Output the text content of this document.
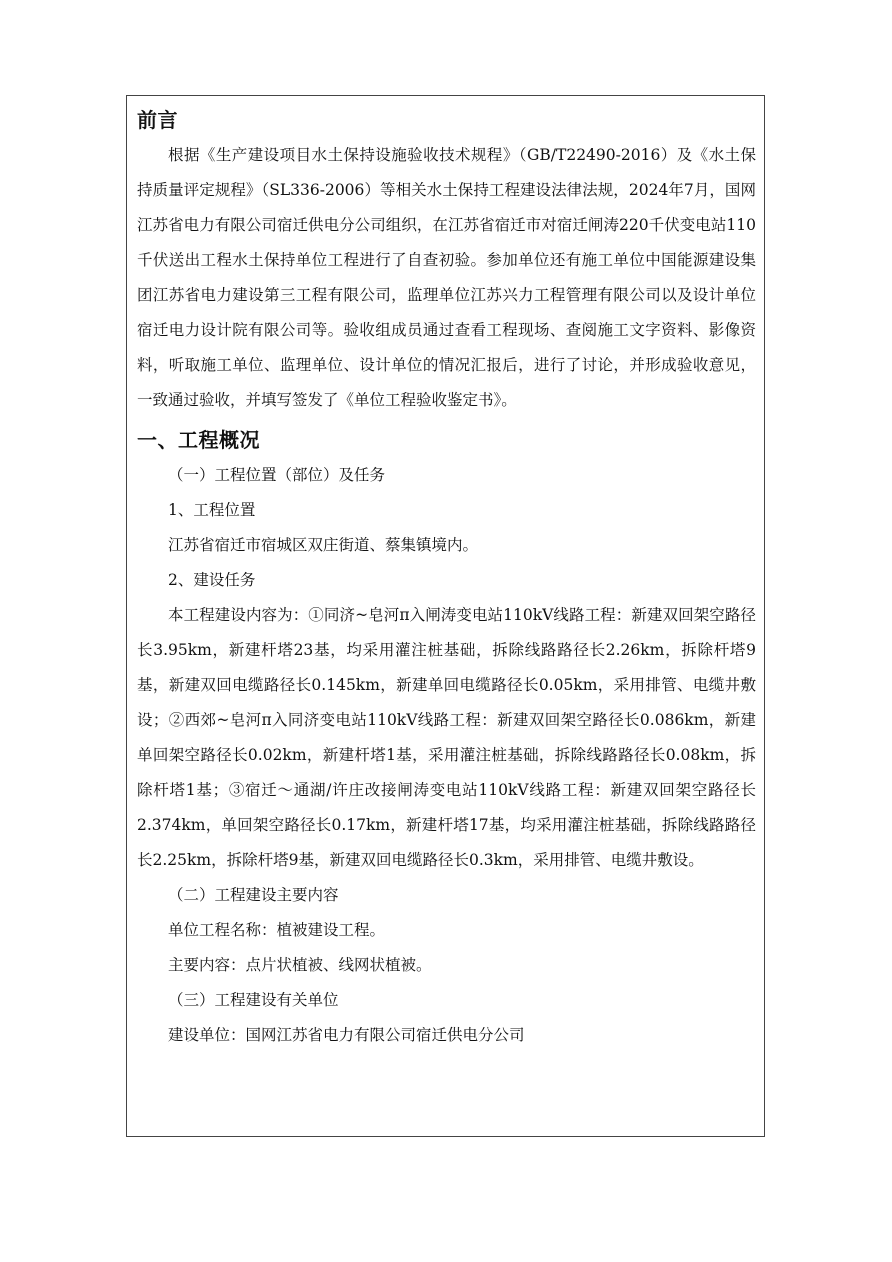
前言

根据《生产建设项目水土保持设施验收技术规程》（GB/T22490-2016）及《水土保持质量评定规程》（SL336-2006）等相关水土保持工程建设法律法规，2024年7月，国网江苏省电力有限公司宿迁供电分公司组织，在江苏省宿迁市对宿迁闸涛220千伏变电站110千伏送出工程水土保持单位工程进行了自查初验。参加单位还有施工单位中国能源建设集团江苏省电力建设第三工程有限公司，监理单位江苏兴力工程管理有限公司以及设计单位宿迁电力设计院有限公司等。验收组成员通过查看工程现场、查阅施工文字资料、影像资料，听取施工单位、监理单位、设计单位的情况汇报后，进行了讨论，并形成验收意见，一致通过验收，并填写签发了《单位工程验收鉴定书》。

一、工程概况

（一）工程位置（部位）及任务

1、工程位置

江苏省宿迁市宿城区双庄街道、蔡集镇境内。

2、建设任务

本工程建设内容为：①同济~皂河π入闸涛变电站110kV线路工程：新建双回架空路径长3.95km，新建杆塔23基，均采用灌注桩基础，拆除线路路径长2.26km，拆除杆塔9基，新建双回电缆路径长0.145km，新建单回电缆路径长0.05km，采用排管、电缆井敷设；②西郊~皂河π入同济变电站110kV线路工程：新建双回架空路径长0.086km，新建单回架空路径长0.02km，新建杆塔1基，采用灌注桩基础，拆除线路路径长0.08km，拆除杆塔1基；③宿迁～通湖/许庄改接闸涛变电站110kV线路工程：新建双回架空路径长2.374km，单回架空路径长0.17km，新建杆塔17基，均采用灌注桩基础，拆除线路路径长2.25km，拆除杆塔9基，新建双回电缆路径长0.3km，采用排管、电缆井敷设。

（二）工程建设主要内容

单位工程名称：植被建设工程。

主要内容：点片状植被、线网状植被。

（三）工程建设有关单位

建设单位：国网江苏省电力有限公司宿迁供电分公司
